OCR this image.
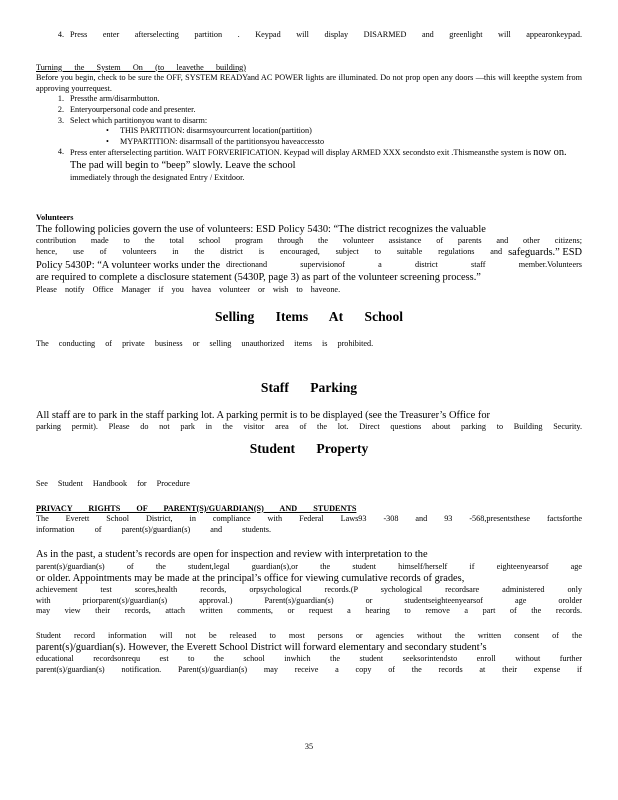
4. Press enter afterselecting partition . Keypad will display DISARMED and greenlight will appearonkeypad.
Turning the System On (to leavethe building)
Before you begin, check to be sure the OFF, SYSTEM READYand AC POWER lights are illuminated. Do not prop open any doors —this will keepthe system from approving yourrequest.
1. Pressthe arm/disarmbutton.
2. Enteryourpersonal code and presenter.
3. Select which partitionyou want to disarm:
•	THIS PARTITION: disarmsyourcurrent location(partition)
•	MYPARTITION: disarmsall of the partitionsyou haveaccessto
4. Press enter afterselecting partition. WAIT FORVERIFICATION. Keypad will display ARMED XXX secondsto exit .Thismeansthe system is now on. The pad will begin to “beep” slowly. Leave the school
immediately through the designated Entry / Exitdoor.
Volunteers
The following policies govern the use of volunteers: ESD Policy 5430: “The district recognizes the valuable
contribution made to the total school program through the volunteer assistance of parents and other citizens;
hence, use of volunteers in the district is encouraged, subject to suitable regulations and safeguards.” ESD
Policy 5430P: “A volunteer works under the directionand supervisionof a district staff member.Volunteers
are required to complete a disclosure statement (5430P, page 3) as part of the volunteer screening process.”
Please notify Office Manager if you havea volunteer or wish to haveone.
Selling Items At School
The conducting of private business or selling unauthorized items is prohibited.
Staff Parking
All staff are to park in the staff parking lot. A parking permit is to be displayed (see the Treasurer’s Office for
parking permit). Please do not park in the visitor area of the lot. Direct questions about parking to Building Security.
Student Property
See Student Handbook for Procedure
PRIVACY RIGHTS OF PARENT(S)/GUARDIAN(S) AND STUDENTS
The Everett School District, in compliance with Federal Laws93 -308 and 93 -568,presentsthese factsforthe
information of parent(s)/guardian(s) and students.
As in the past, a student’s records are open for inspection and review with interpretation to the
parent(s)/guardian(s) of the student,legal guardian(s),or the student himself/herself if eighteenyearsof age
or older. Appointments may be made at the principal’s office for viewing cumulative records of grades,
achievement test scores,health records, orpsychological records.(P sychological recordsare administered only
with priorparent(s)/guardian(s) approval.) Parent(s)/guardian(s) or studentseighteenyearsof age orolder
may view their records, attach written comments, or request a hearing to remove a part of the records.
Student record information will not be released to most persons or agencies without the written consent of the
parent(s)/guardian(s). However, the Everett School District will forward elementary and secondary student’s
educational recordsonrequ est to the school inwhich the student seeksorintendsto enroll without further
parent(s)/guardian(s) notification. Parent(s)/guardian(s) may receive a copy of the records at their expense if
35
